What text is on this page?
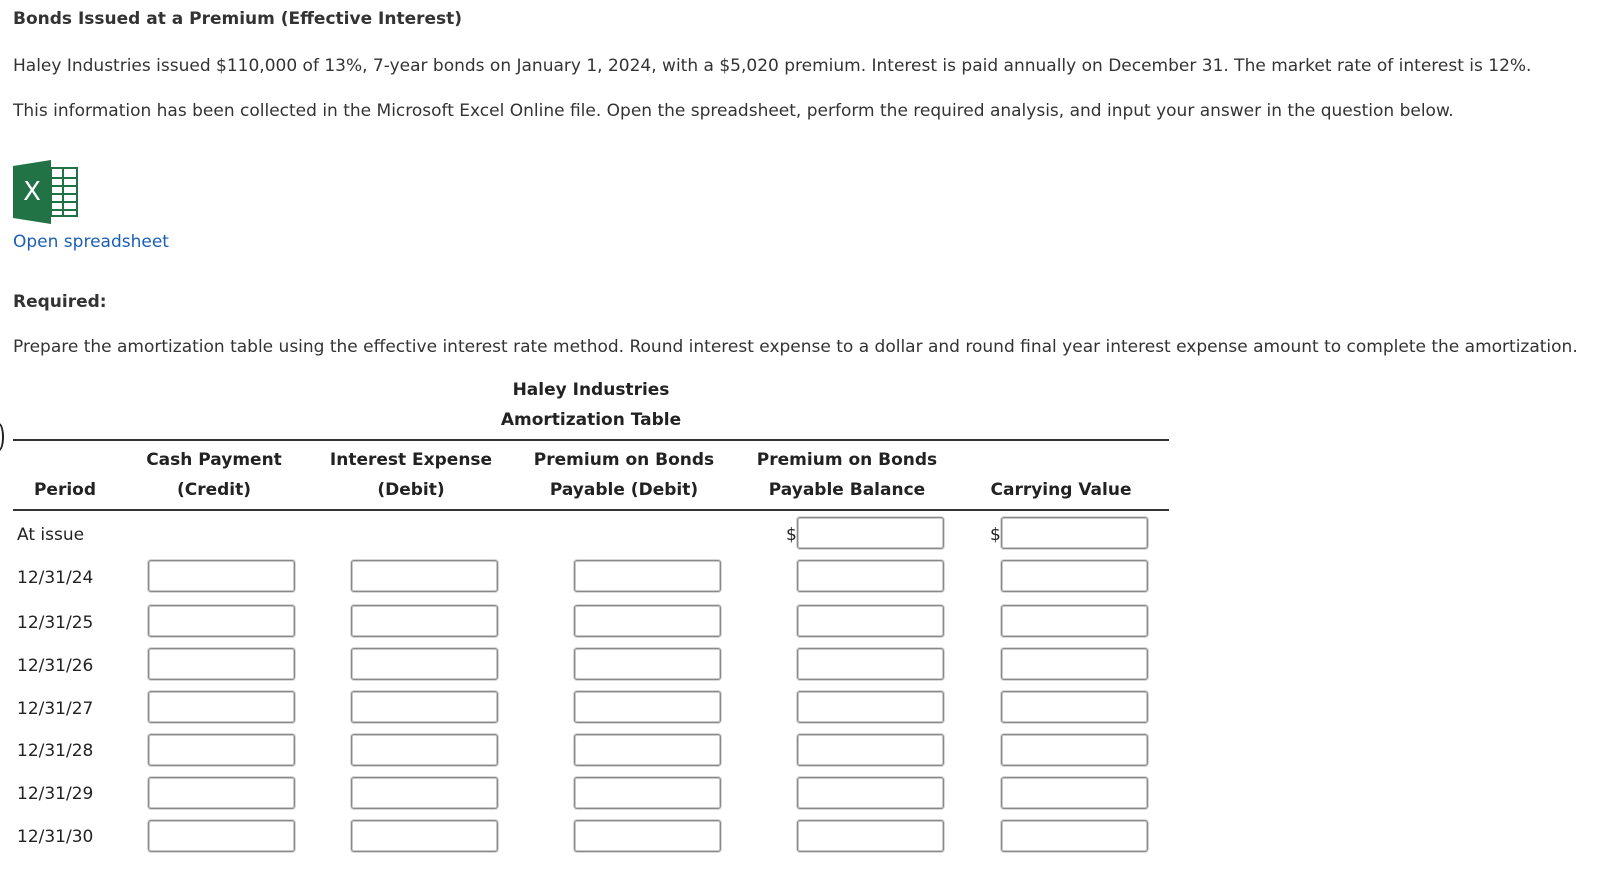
Bonds Issued at a Premium (Effective Interest)
Haley Industries issued $110,000 of 13%, 7-year bonds on January 1, 2024, with a $5,020 premium. Interest is paid annually on December 31. The market rate of interest is 12%.
This information has been collected in the Microsoft Excel Online file. Open the spreadsheet, perform the required analysis, and input your answer in the question below.
X
Open spreadsheet
Required:
Prepare the amortization table using the effective interest rate method. Round interest expense to a dollar and round final year interest expense amount to complete the amortization.
Haley Industries
Amortization Table

Period
Cash Payment
(Credit)
Interest Expense
(Debit)
Premium on Bonds
Payable (Debit)
Premium on Bonds
Payable Balance
	Carrying Value
At issue
12/31/24
12/31/25
12/31/26
12/31/27
12/31/28
12/31/29
12/31/30
$	$
